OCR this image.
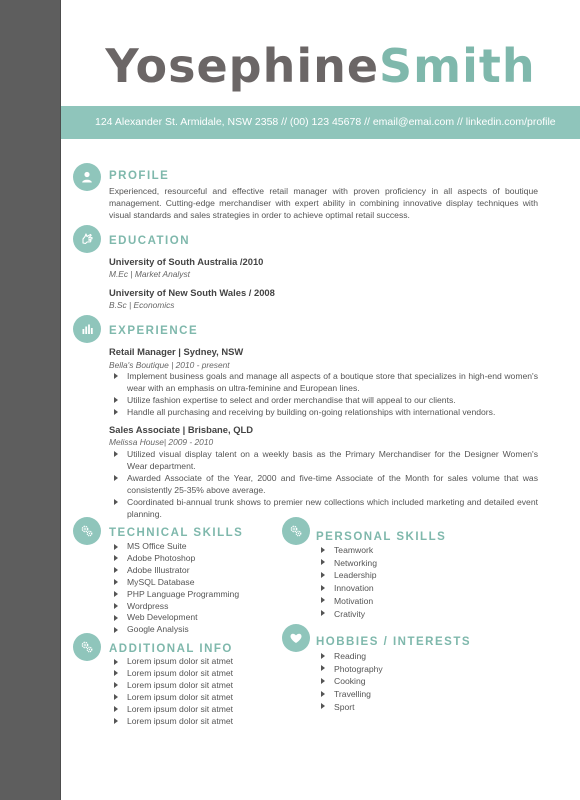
YosephineSmith
124 Alexander St. Armidale, NSW 2358 // (00) 123 45678 // email@emai.com // linkedin.com/profile
PROFILE
Experienced, resourceful and effective retail manager with proven proficiency in all aspects of boutique management. Cutting-edge merchandiser with expert ability in combining innovative display techniques with visual standards and sales strategies in order to achieve optimal retail success.
EDUCATION
University of South Australia /2010
M.Ec | Market Analyst
University of New South Wales / 2008
B.Sc | Economics
EXPERIENCE
Retail Manager | Sydney, NSW
Bella's Boutique | 2010 - present
Implement business goals and manage all aspects of a boutique store that specializes in high-end women's wear with an emphasis on ultra-feminine and European lines.
Utilize fashion expertise to select and order merchandise that will appeal to our clients.
Handle all purchasing and receiving by building on-going relationships with international vendors.
Sales Associate | Brisbane, QLD
Melissa House| 2009 - 2010
Utilized visual display talent on a weekly basis as the Primary Merchandiser for the Designer Women's Wear department.
Awarded Associate of the Year, 2000 and five-time Associate of the Month for sales volume that was consistently 25-35% above average.
Coordinated bi-annual trunk shows to premier new collections which included marketing and detailed event planning.
TECHNICAL SKILLS
MS Office Suite
Adobe Photoshop
Adobe Illustrator
MySQL Database
PHP Language Programming
Wordpress
Web Development
Google Analysis
PERSONAL SKILLS
Teamwork
Networking
Leadership
Innovation
Motivation
Crativity
ADDITIONAL INFO
Lorem ipsum dolor sit atmet
Lorem ipsum dolor sit atmet
Lorem ipsum dolor sit atmet
Lorem ipsum dolor sit atmet
Lorem ipsum dolor sit atmet
Lorem ipsum dolor sit atmet
HOBBIES / INTERESTS
Reading
Photography
Cooking
Travelling
Sport
